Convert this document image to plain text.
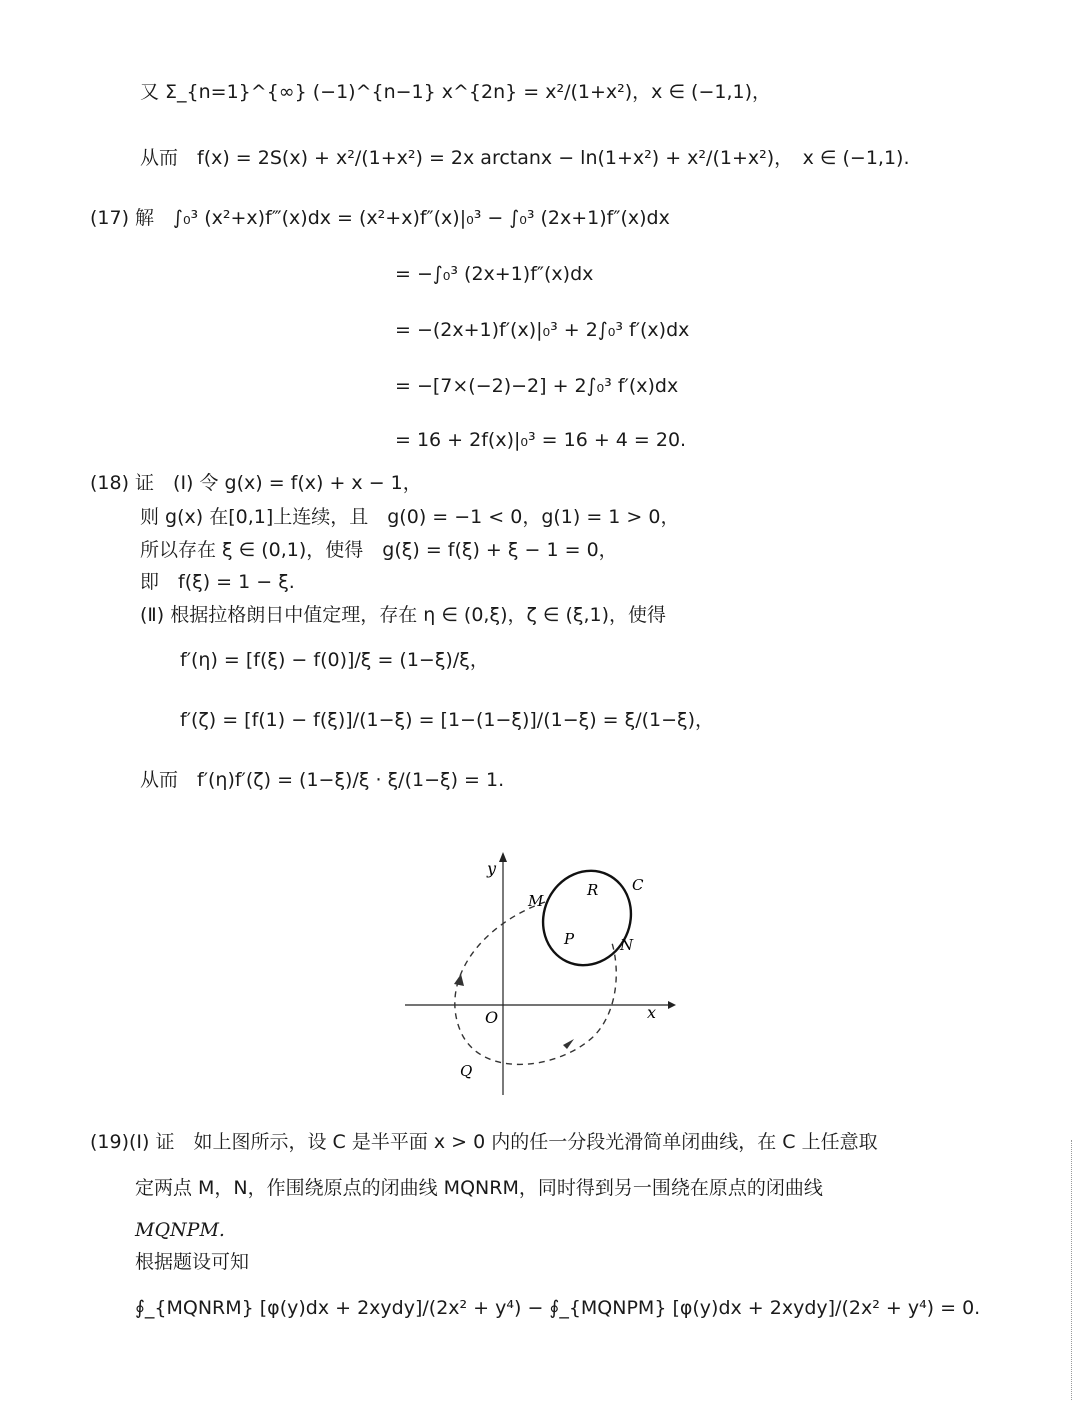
又 Σ_{n=1}^{∞} (−1)^{n−1} x^{2n} = x²/(1+x²)，x ∈ (−1,1)，
从而　f(x) = 2S(x) + x²/(1+x²) = 2x arctanx − ln(1+x²) + x²/(1+x²)，　x ∈ (−1,1).
(17) 解　∫₀³ (x²+x)f‴(x)dx = (x²+x)f″(x)|₀³ − ∫₀³ (2x+1)f″(x)dx
= −∫₀³ (2x+1)f″(x)dx
= −(2x+1)f′(x)|₀³ + 2∫₀³ f′(x)dx
= −[7×(−2)−2] + 2∫₀³ f′(x)dx
= 16 + 2f(x)|₀³ = 16 + 4 = 20.
(18) 证　(Ⅰ) 令 g(x) = f(x) + x − 1，
则 g(x) 在[0,1]上连续，且　g(0) = −1 < 0，g(1) = 1 > 0，
所以存在 ξ ∈ (0,1)，使得　g(ξ) = f(ξ) + ξ − 1 = 0，
即　f(ξ) = 1 − ξ.
(Ⅱ) 根据拉格朗日中值定理，存在 η ∈ (0,ξ)，ζ ∈ (ξ,1)，使得
f′(η) = [f(ξ) − f(0)]/ξ = (1−ξ)/ξ，
f′(ζ) = [f(1) − f(ξ)]/(1−ξ) = [1−(1−ξ)]/(1−ξ) = ξ/(1−ξ)，
从而　f′(η)f′(ζ) = (1−ξ)/ξ · ξ/(1−ξ) = 1.
y
x
O
M
R C
P	N
Q
(19)(Ⅰ) 证　如上图所示，设 C 是半平面 x > 0 内的任一分段光滑简单闭曲线，在 C 上任意取
定两点 M，N，作围绕原点的闭曲线 MQNRM，同时得到另一围绕在原点的闭曲线
MQNPM.
根据题设可知
∮_{MQNRM} [φ(y)dx + 2xydy]/(2x² + y⁴) − ∮_{MQNPM} [φ(y)dx + 2xydy]/(2x² + y⁴) = 0.
